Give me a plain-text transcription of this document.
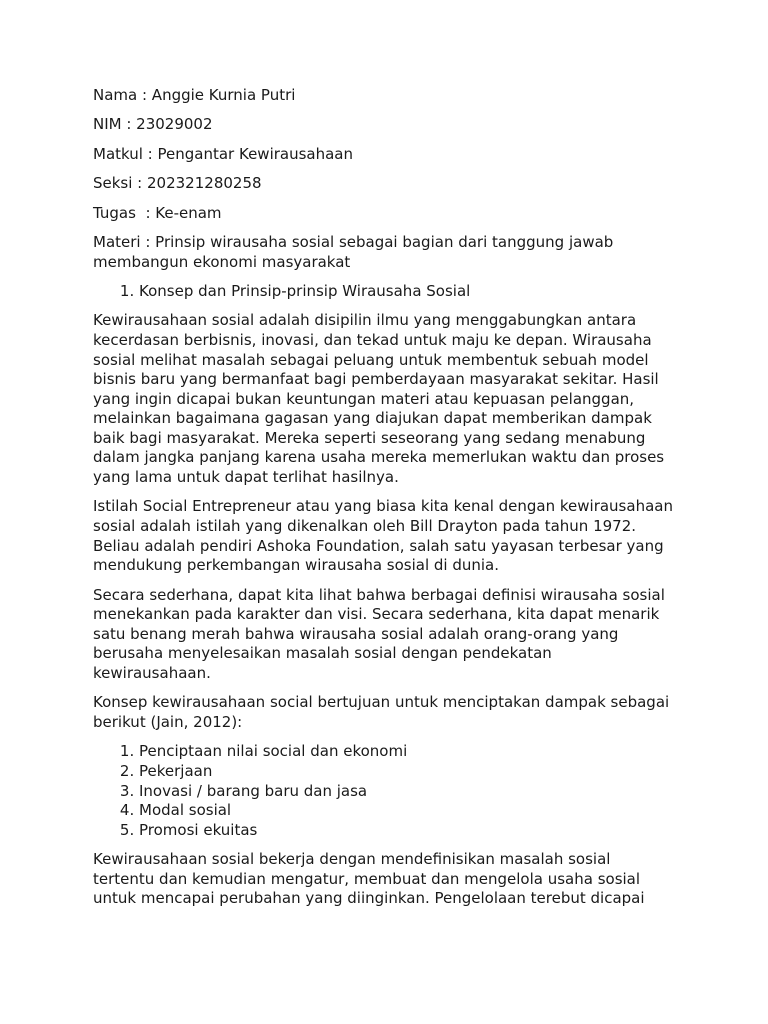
Nama : Anggie Kurnia Putri

NIM : 23029002

Matkul : Pengantar Kewirausahaan

Seksi : 202321280258

Tugas  : Ke-enam

Materi : Prinsip wirausaha sosial sebagai bagian dari tanggung jawab membangun ekonomi masyarakat

1. Konsep dan Prinsip-prinsip Wirausaha Sosial

Kewirausahaan sosial adalah disipilin ilmu yang menggabungkan antara kecerdasan berbisnis, inovasi, dan tekad untuk maju ke depan. Wirausaha sosial melihat masalah sebagai peluang untuk membentuk sebuah model bisnis baru yang bermanfaat bagi pemberdayaan masyarakat sekitar. Hasil yang ingin dicapai bukan keuntungan materi atau kepuasan pelanggan, melainkan bagaimana gagasan yang diajukan dapat memberikan dampak baik bagi masyarakat. Mereka seperti seseorang yang sedang menabung dalam jangka panjang karena usaha mereka memerlukan waktu dan proses yang lama untuk dapat terlihat hasilnya.

Istilah Social Entrepreneur atau yang biasa kita kenal dengan kewirausahaan sosial adalah istilah yang dikenalkan oleh Bill Drayton pada tahun 1972. Beliau adalah pendiri Ashoka Foundation, salah satu yayasan terbesar yang mendukung perkembangan wirausaha sosial di dunia.

Secara sederhana, dapat kita lihat bahwa berbagai definisi wirausaha sosial menekankan pada karakter dan visi. Secara sederhana, kita dapat menarik satu benang merah bahwa wirausaha sosial adalah orang-orang yang berusaha menyelesaikan masalah sosial dengan pendekatan kewirausahaan.

Konsep kewirausahaan social bertujuan untuk menciptakan dampak sebagai berikut (Jain, 2012):

1. Penciptaan nilai social dan ekonomi
2. Pekerjaan
3. Inovasi / barang baru dan jasa
4. Modal sosial
5. Promosi ekuitas

Kewirausahaan sosial bekerja dengan mendefinisikan masalah sosial tertentu dan kemudian mengatur, membuat dan mengelola usaha sosial untuk mencapai perubahan yang diinginkan. Pengelolaan terebut dicapai
